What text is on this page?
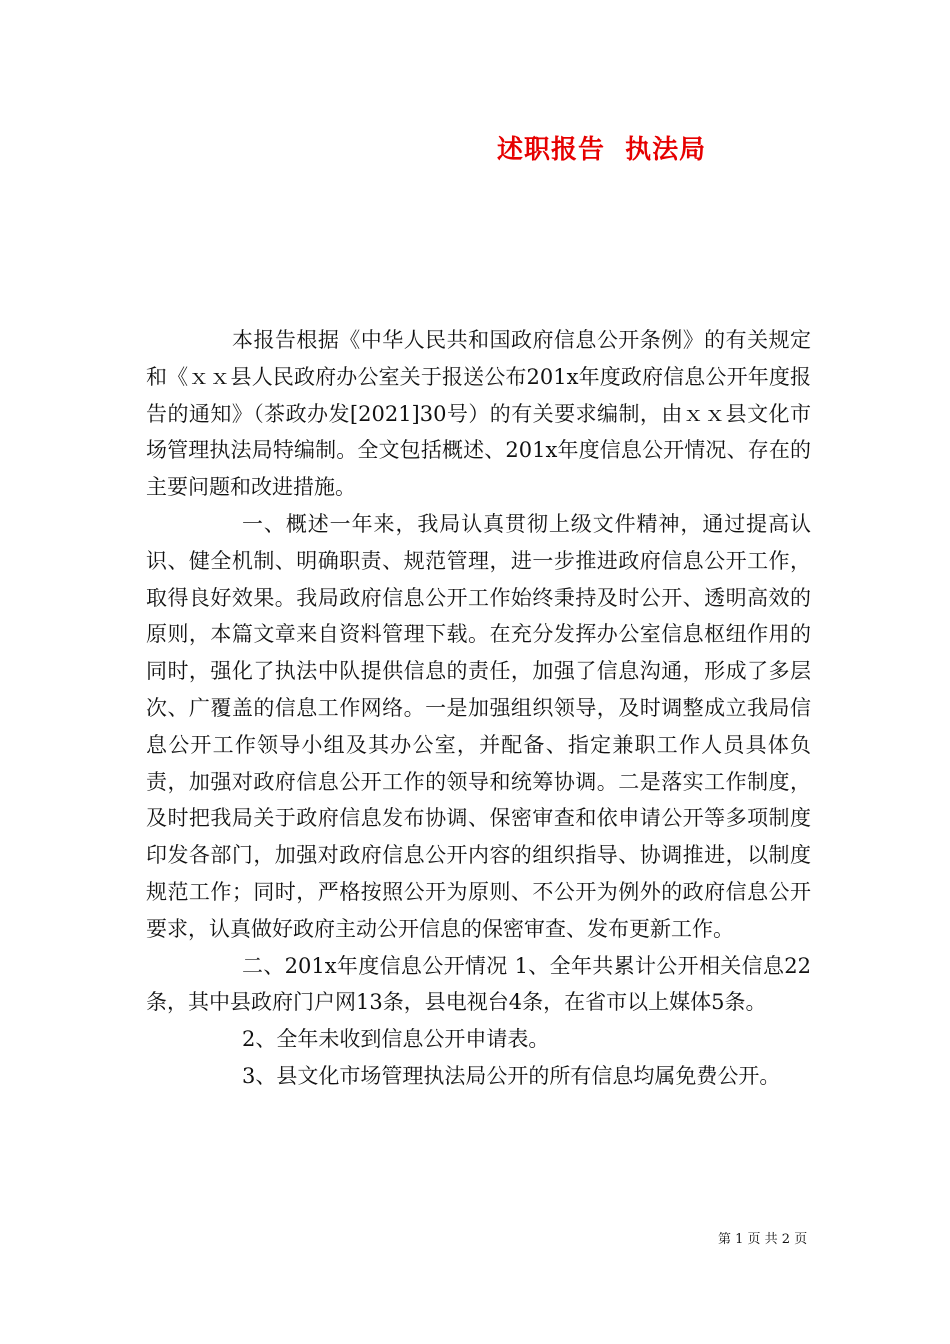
述职报告  执法局

本报告根据《中华人民共和国政府信息公开条例》的有关规定和《ｘｘ县人民政府办公室关于报送公布201x年度政府信息公开年度报告的通知》（茶政办发[2021]30号）的有关要求编制，由ｘｘ县文化市场管理执法局特编制。全文包括概述、201x年度信息公开情况、存在的主要问题和改进措施。

一、概述一年来，我局认真贯彻上级文件精神，通过提高认识、健全机制、明确职责、规范管理，进一步推进政府信息公开工作，取得良好效果。我局政府信息公开工作始终秉持及时公开、透明高效的原则，本篇文章来自资料管理下载。在充分发挥办公室信息枢纽作用的同时，强化了执法中队提供信息的责任，加强了信息沟通，形成了多层次、广覆盖的信息工作网络。一是加强组织领导，及时调整成立我局信息公开工作领导小组及其办公室，并配备、指定兼职工作人员具体负责，加强对政府信息公开工作的领导和统筹协调。二是落实工作制度，及时把我局关于政府信息发布协调、保密审查和依申请公开等多项制度印发各部门，加强对政府信息公开内容的组织指导、协调推进，以制度规范工作；同时，严格按照公开为原则、不公开为例外的政府信息公开要求，认真做好政府主动公开信息的保密审查、发布更新工作。

二、201x年度信息公开情况 1、全年共累计公开相关信息22条，其中县政府门户网13条，县电视台4条，在省市以上媒体5条。

2、全年未收到信息公开申请表。

3、县文化市场管理执法局公开的所有信息均属免费公开。

第 1 页 共 2 页
